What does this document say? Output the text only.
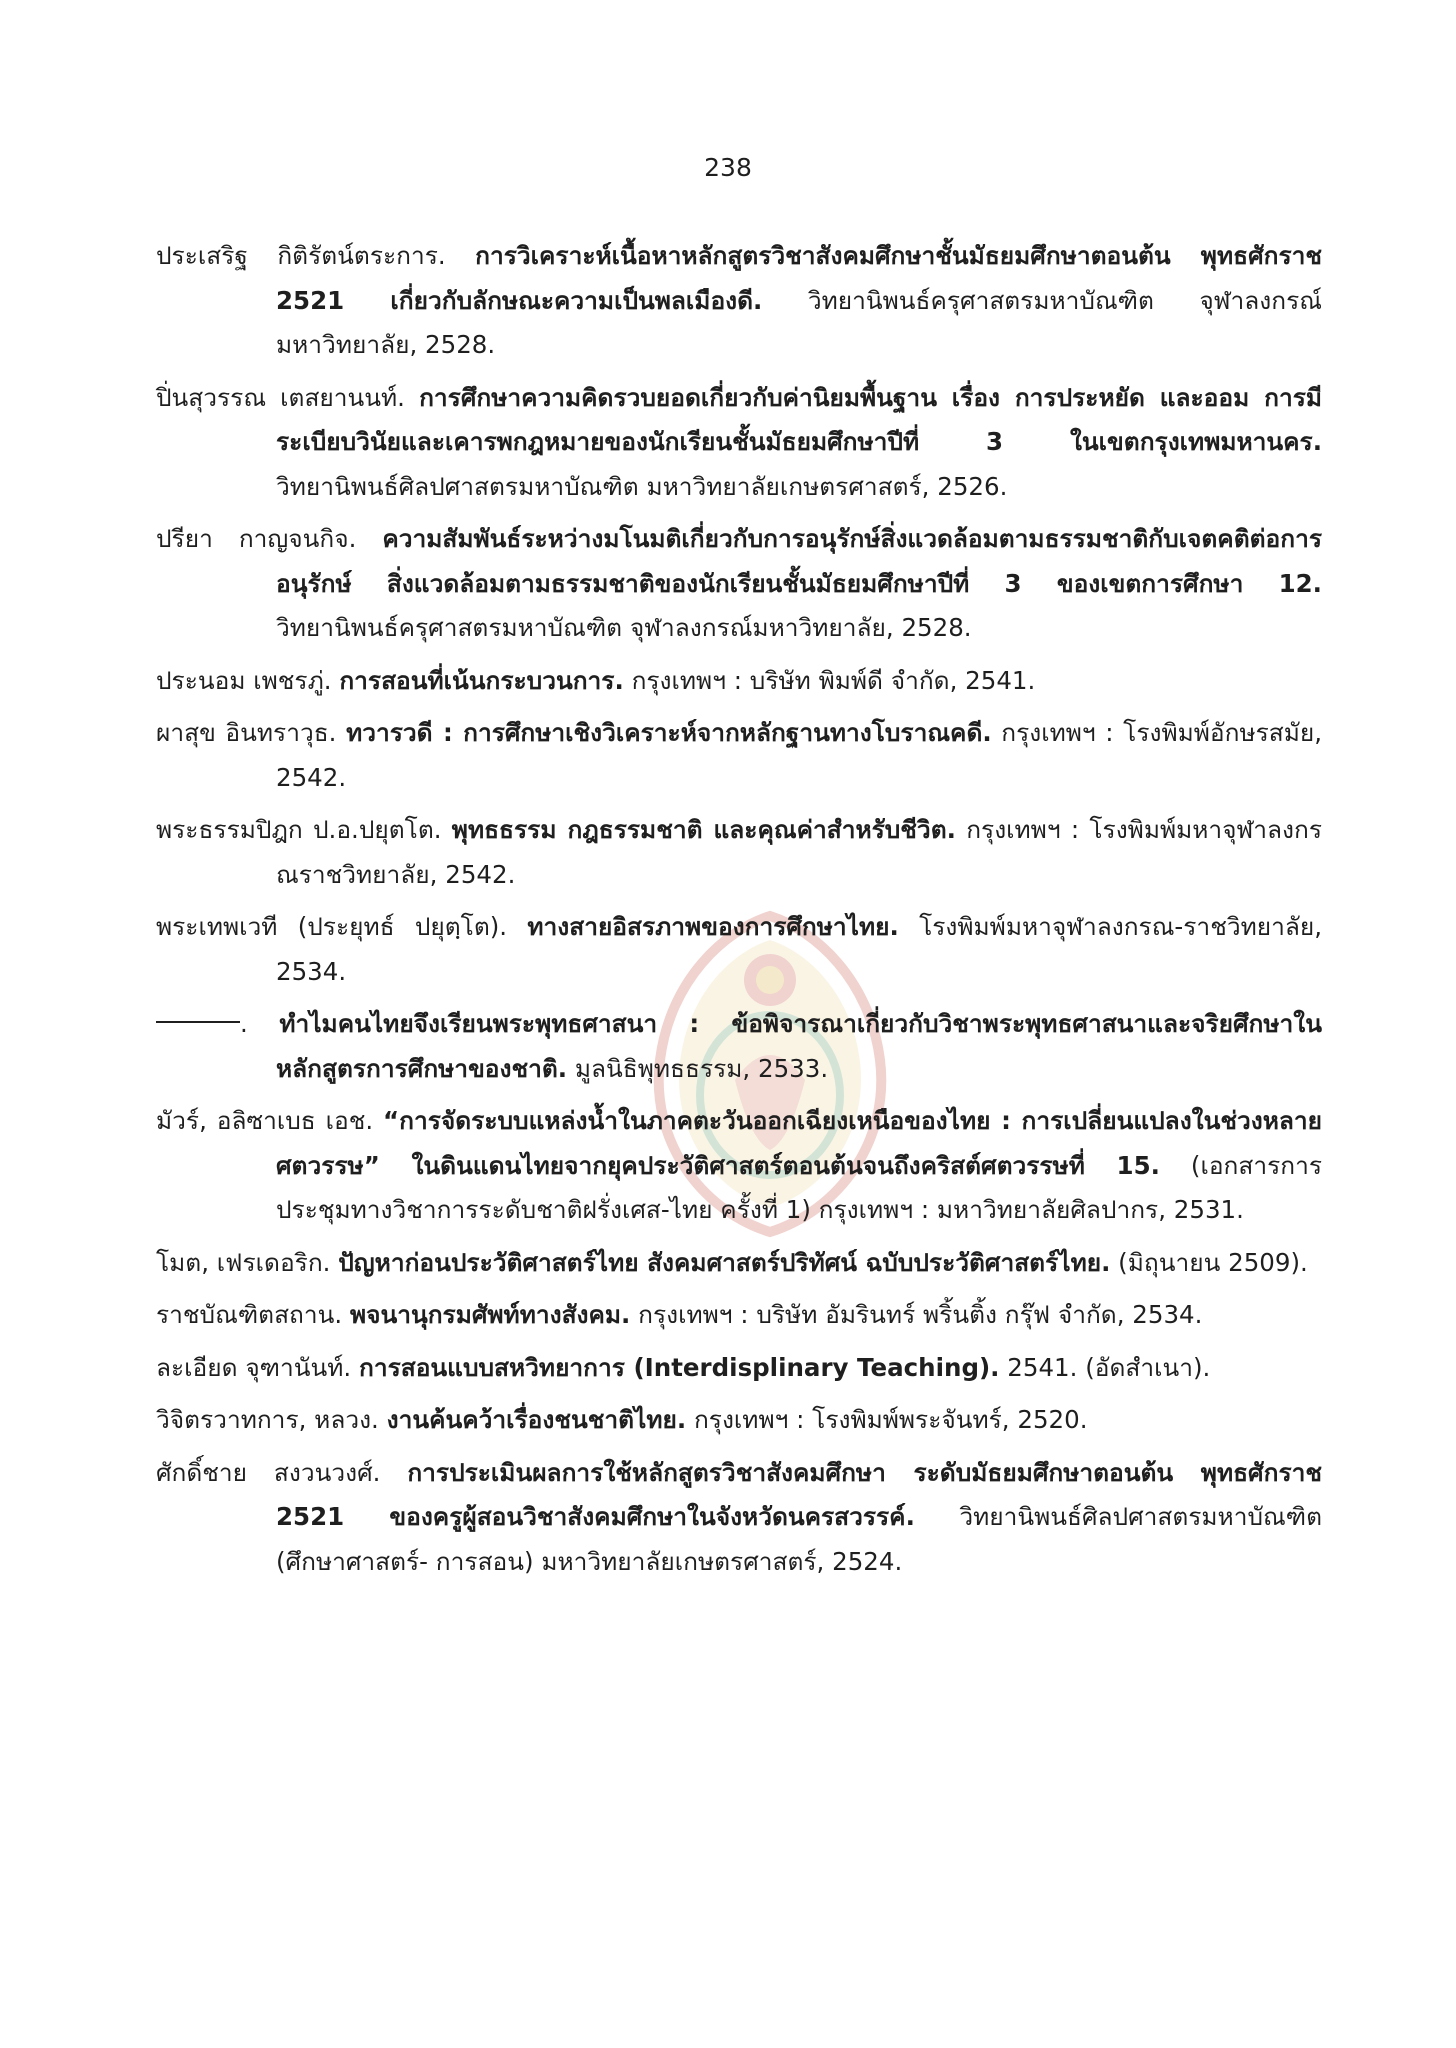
238

ประเสริฐ กิติรัตน์ตระการ. การวิเคราะห์เนื้อหาหลักสูตรวิชาสังคมศึกษาชั้นมัธยมศึกษาตอนต้น พุทธศักราช 2521 เกี่ยวกับลักษณะความเป็นพลเมืองดี. วิทยานิพนธ์ครุศาสตรมหาบัณฑิต จุฬาลงกรณ์มหาวิทยาลัย, 2528.

ปิ่นสุวรรณ เตสยานนท์. การศึกษาความคิดรวบยอดเกี่ยวกับค่านิยมพื้นฐาน เรื่อง การประหยัด และออม การมีระเบียบวินัยและเคารพกฎหมายของนักเรียนชั้นมัธยมศึกษาปีที่ 3 ในเขตกรุงเทพมหานคร. วิทยานิพนธ์ศิลปศาสตรมหาบัณฑิต มหาวิทยาลัยเกษตรศาสตร์, 2526.

ปรียา กาญจนกิจ. ความสัมพันธ์ระหว่างมโนมติเกี่ยวกับการอนุรักษ์สิ่งแวดล้อมตามธรรมชาติกับเจตคติต่อการอนุรักษ์ สิ่งแวดล้อมตามธรรมชาติของนักเรียนชั้นมัธยมศึกษาปีที่ 3 ของเขตการศึกษา 12. วิทยานิพนธ์ครุศาสตรมหาบัณฑิต จุฬาลงกรณ์มหาวิทยาลัย, 2528.

ประนอม เพชรภู่. การสอนที่เน้นกระบวนการ. กรุงเทพฯ : บริษัท พิมพ์ดี จำกัด, 2541.

ผาสุข อินทราวุธ. ทวารวดี : การศึกษาเชิงวิเคราะห์จากหลักฐานทางโบราณคดี. กรุงเทพฯ : โรงพิมพ์อักษรสมัย, 2542.

พระธรรมปิฎก ป.อ.ปยุตโต. พุทธธรรม กฎธรรมชาติ และคุณค่าสำหรับชีวิต. กรุงเทพฯ : โรงพิมพ์มหาจุฬาลงกรณราชวิทยาลัย, 2542.

พระเทพเวที (ประยุทธ์ ปยุตฺโต). ทางสายอิสรภาพของการศึกษาไทย. โรงพิมพ์มหาจุฬาลงกรณ-ราชวิทยาลัย, 2534.

. ทำไมคนไทยจึงเรียนพระพุทธศาสนา : ข้อพิจารณาเกี่ยวกับวิชาพระพุทธศาสนาและจริยศึกษาในหลักสูตรการศึกษาของชาติ. มูลนิธิพุทธธรรม, 2533.

มัวร์, อลิซาเบธ เอช. “การจัดระบบแหล่งน้ำในภาคตะวันออกเฉียงเหนือของไทย : การเปลี่ยนแปลงในช่วงหลายศตวรรษ” ในดินแดนไทยจากยุคประวัติศาสตร์ตอนต้นจนถึงคริสต์ศตวรรษที่ 15. (เอกสารการประชุมทางวิชาการระดับชาติฝรั่งเศส-ไทย ครั้งที่ 1) กรุงเทพฯ : มหาวิทยาลัยศิลปากร, 2531.

โมต, เฟรเดอริก. ปัญหาก่อนประวัติศาสตร์ไทย สังคมศาสตร์ปริทัศน์ ฉบับประวัติศาสตร์ไทย. (มิถุนายน 2509).

ราชบัณฑิตสถาน. พจนานุกรมศัพท์ทางสังคม. กรุงเทพฯ : บริษัท อัมรินทร์ พริ้นติ้ง กรุ๊ฟ จำกัด, 2534.

ละเอียด จุฑานันท์. การสอนแบบสหวิทยาการ (Interdisplinary Teaching). 2541. (อัดสำเนา).

วิจิตรวาทการ, หลวง. งานค้นคว้าเรื่องชนชาติไทย. กรุงเทพฯ : โรงพิมพ์พระจันทร์, 2520.

ศักดิ์ชาย สงวนวงศ์. การประเมินผลการใช้หลักสูตรวิชาสังคมศึกษา ระดับมัธยมศึกษาตอนต้น พุทธศักราช 2521 ของครูผู้สอนวิชาสังคมศึกษาในจังหวัดนครสวรรค์. วิทยานิพนธ์ศิลปศาสตรมหาบัณฑิต (ศึกษาศาสตร์- การสอน) มหาวิทยาลัยเกษตรศาสตร์, 2524.
